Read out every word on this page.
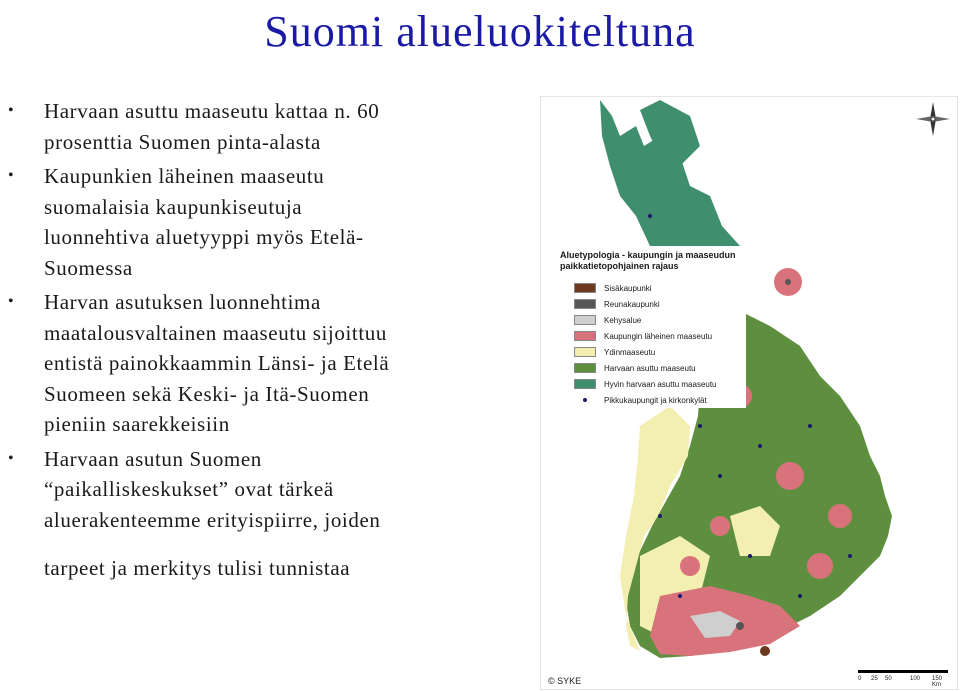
Suomi alueluokiteltuna
• Harvaan asuttu maaseutu kattaa n. 60
prosenttia Suomen pinta-alasta
• Kaupunkien läheinen maaseutu
suomalaisia kaupunkiseutuja
luonnehtiva aluetyyppi myös Etelä-
Suomessa
• Harvan asutuksen luonnehtima
maatalousvaltainen maaseutu sijoittuu
entistä painokkaammin Länsi- ja Etelä
Suomeen sekä Keski- ja Itä-Suomen
pieniin saarekkeisiin
• Harvaan asutun Suomen
“paikalliskeskukset” ovat tärkeä
aluerakenteemme erityispiirre, joiden
tarpeet ja merkitys tulisi tunnistaa
Aluetypologia - kaupungin ja maaseudun
paikkatietopohjainen rajaus
Sisäkaupunki
Reunakaupunki
Kehysalue
Kaupungin läheinen maaseutu
Ydinmaaseutu
Harvaan asuttu maaseutu
Hyvin harvaan asuttu maaseutu
Pikkukaupungit ja kirkonkylät
© SYKE	0 25 50	100 150 Km
